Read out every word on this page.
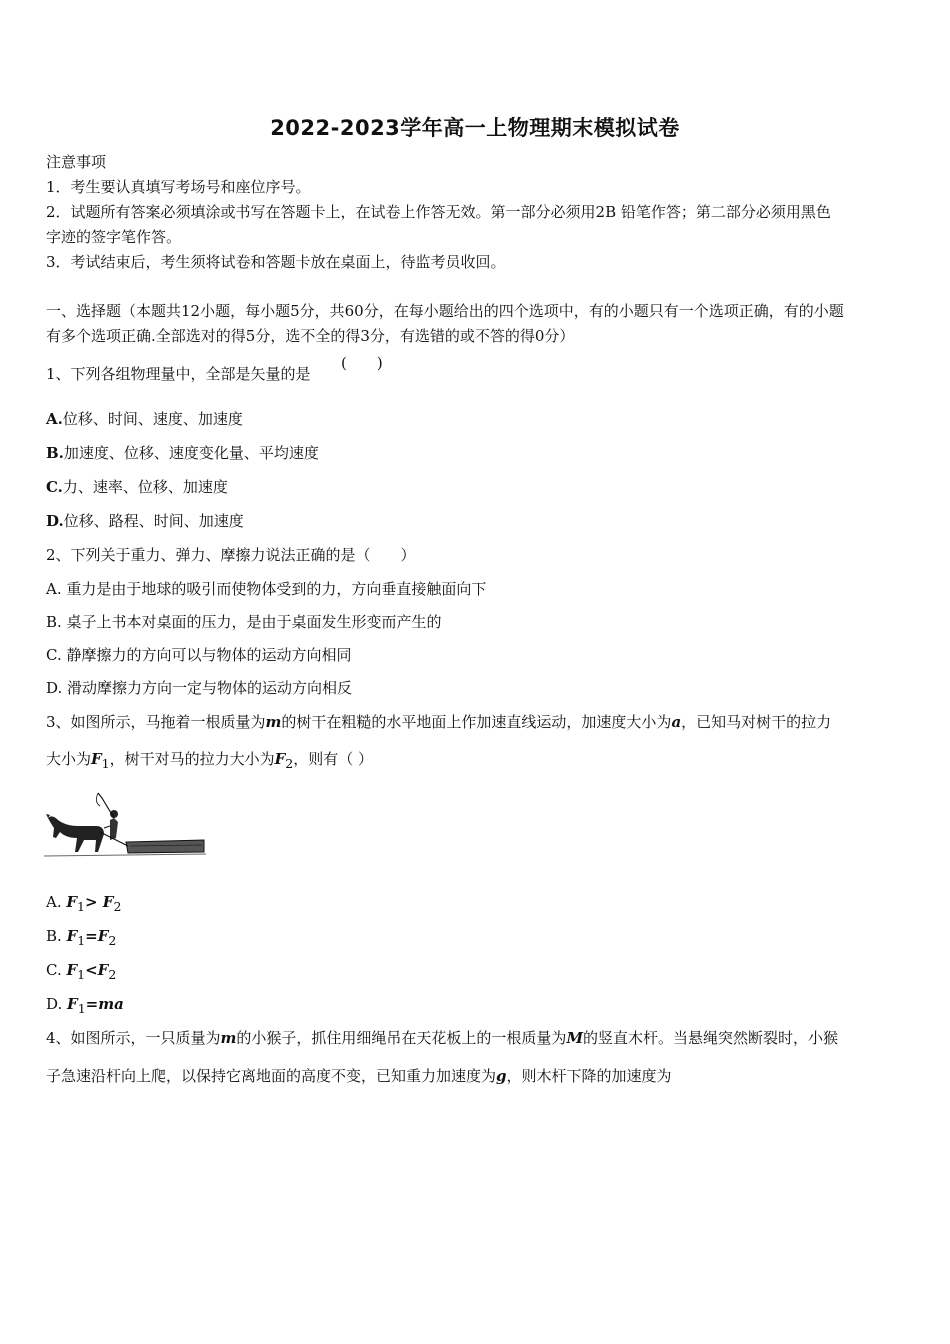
2022-2023学年高一上物理期末模拟试卷
注意事项
1．考生要认真填写考场号和座位序号。
2．试题所有答案必须填涂或书写在答题卡上，在试卷上作答无效。第一部分必须用2B 铅笔作答；第二部分必须用黑色
字迹的签字笔作答。
3．考试结束后，考生须将试卷和答题卡放在桌面上，待监考员收回。
一、选择题（本题共12小题，每小题5分，共60分，在每小题给出的四个选项中，有的小题只有一个选项正确，有的小题
有多个选项正确.全部选对的得5分，选不全的得3分，有选错的或不答的得0分）
1、下列各组物理量中，全部是矢量的是
(　　)
A.位移、时间、速度、加速度
B.加速度、位移、速度变化量、平均速度
C.力、速率、位移、加速度
D.位移、路程、时间、加速度
2、下列关于重力、弹力、摩擦力说法正确的是（　　）
A. 重力是由于地球的吸引而使物体受到的力，方向垂直接触面向下
B. 桌子上书本对桌面的压力，是由于桌面发生形变而产生的
C. 静摩擦力的方向可以与物体的运动方向相同
D. 滑动摩擦力方向一定与物体的运动方向相反
3、如图所示，马拖着一根质量为m的树干在粗糙的水平地面上作加速直线运动，加速度大小为a，已知马对树干的拉力
大小为$F_1$，树干对马的拉力大小为$F_2$，则有（ ）
A. $F_1> F_2$
B. $F_1=F_2$
C. $F_1<F_2$
D. $F_1=ma$
4、如图所示，一只质量为m的小猴子，抓住用细绳吊在天花板上的一根质量为M的竖直木杆。当悬绳突然断裂时，小猴
子急速沿杆向上爬，以保持它离地面的高度不变，已知重力加速度为g，则木杆下降的加速度为
